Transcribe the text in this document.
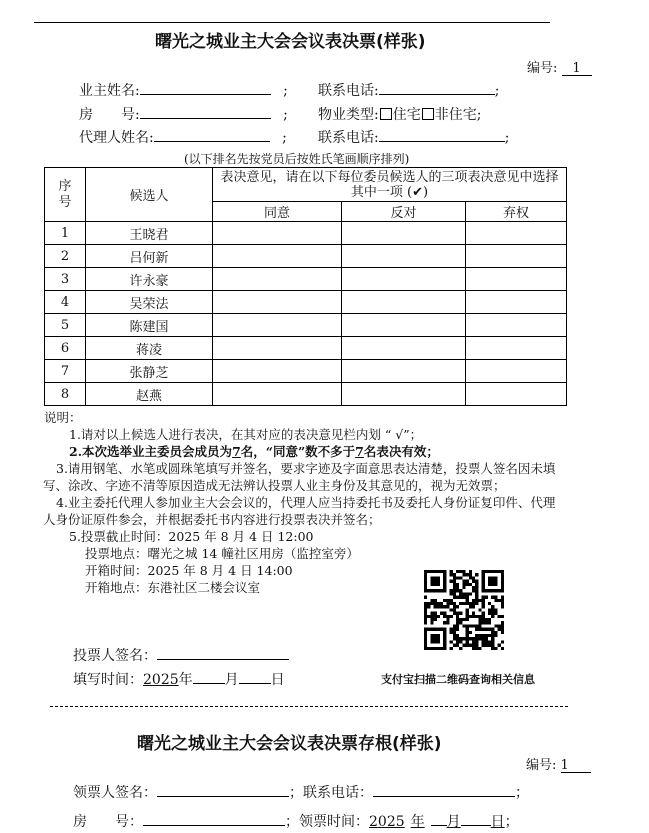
曙光之城业主大会会议表决票(样张)
编号: 1
业主姓名:	; 联系电话:	;
房　　号:	; 物业类型: 住宅 非住宅;
代理人姓名:	; 联系电话:	;
(以下排名先按党员后按姓氏笔画顺序排列)
序号	候选人	表决意见，请在以下每位委员候选人的三项表决意见中选择其中一项 (✔)		
		同意	反对	弃权
1	王晓君			
2	吕何新			
3	许永豪			
4	吴荣法			
5	陈建国			
6	蒋凌			
7	张静芝			
8	赵燕			

说明：

1.请对以上候选人进行表决，在其对应的表决意见栏内划 “ √”；

2.本次选举业主委员会成员为7名，“同意”数不多于7名表决有效；

3.请用钢笔、水笔或圆珠笔填写并签名，要求字迹及字面意思表达清楚，投票人签名因未填写、涂改、字迹不清等原因造成无法辨认投票人业主身份及其意见的，视为无效票；

4.业主委托代理人参加业主大会会议的，代理人应当持委托书及委托人身份证复印件、代理人身份证原件参会，并根据委托书内容进行投票表决并签名；

5.投票截止时间：2025 年 8 月 4 日 12:00

投票地点：曙光之城 14 幢社区用房（监控室旁）

开箱时间：2025 年 8 月 4 日 14:00

开箱地点：东港社区二楼会议室

投票人签名：
填写时间：2025年 月 日	支付宝扫描二维码查询相关信息
曙光之城业主大会会议表决票存根(样张)
编号: 1
领票人签名：	；联系电话：	；
房　　号：	；领票时间：2025 年 月 日；
